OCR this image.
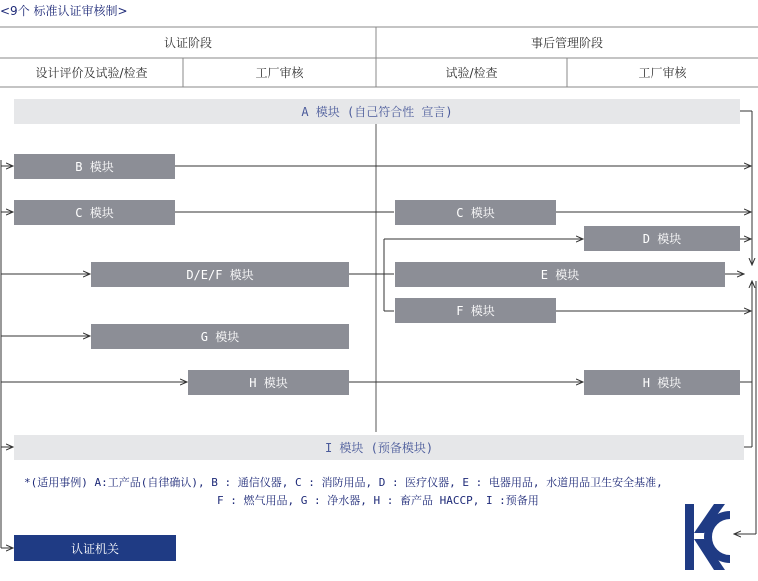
<9个 标准认证审核制>
认证阶段	事后管理阶段
设计评价及试验/检查	工厂审核	试验/检查	工厂审核
A 模块 (自己符合性 宣言)
B 模块
C 模块	C 模块
D 模块
D/E/F 模块	E 模块
F 模块
G 模块
H 模块	H 模块
I 模块 (预备模块)
*(适用事例) A:工产品(自律确认), B : 通信仪器, C : 消防用品, D : 医疗仪器, E : 电器用品, 水道用品卫生安全基准,
F : 燃气用品, G : 净水器, H : 畜产品 HACCP, I :预备用
认证机关
